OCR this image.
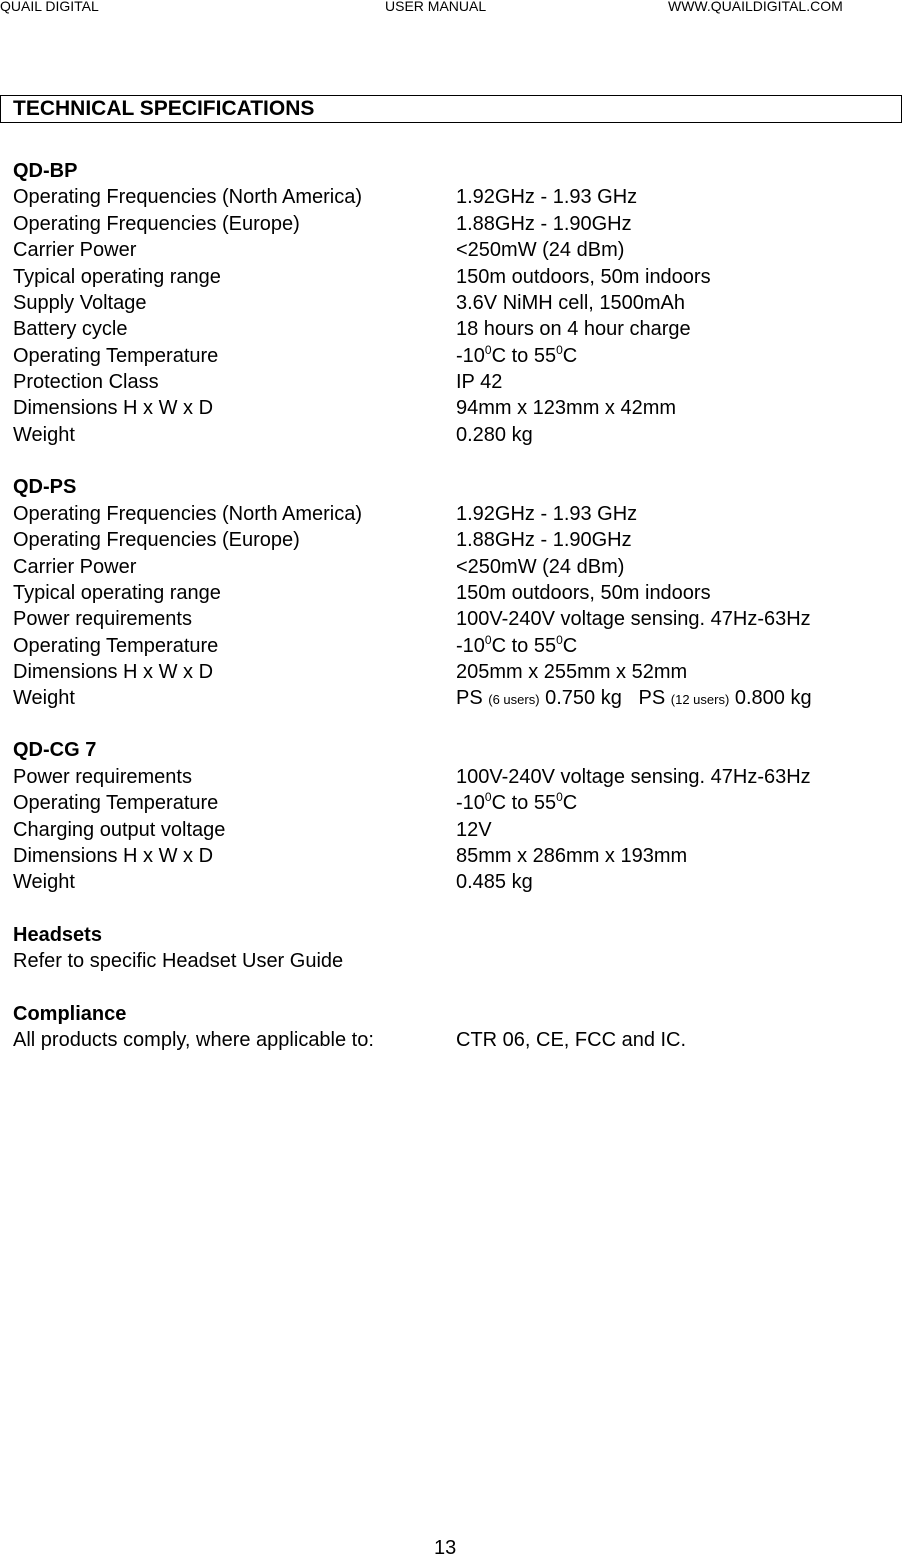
QUAIL DIGITAL	USER MANUAL	WWW.QUAILDIGITAL.COM
TECHNICAL SPECIFICATIONS
QD-BP
Operating Frequencies (North America)	1.92GHz - 1.93 GHz
Operating Frequencies (Europe)	1.88GHz - 1.90GHz
Carrier Power	<250mW (24 dBm)
Typical operating range	150m outdoors, 50m indoors
Supply Voltage	3.6V NiMH cell, 1500mAh
Battery cycle	18 hours on 4 hour charge
Operating Temperature	$-10^0C$ to $55^0C$
Protection Class	IP 42
Dimensions H x W x D	94mm x 123mm x 42mm
Weight	0.280 kg
QD-PS
Operating Frequencies (North America)	1.92GHz - 1.93 GHz
Operating Frequencies (Europe)	1.88GHz - 1.90GHz
Carrier Power	<250mW (24 dBm)
Typical operating range	150m outdoors, 50m indoors
Power requirements	100V-240V voltage sensing. 47Hz-63Hz
Operating Temperature	$-10^0C$ to $55^0C$
Dimensions H x W x D	205mm x 255mm x 52mm
Weight	PS (6 users) 0.750 kg PS (12 users) 0.800 kg
QD-CG 7
Power requirements	100V-240V voltage sensing. 47Hz-63Hz
Operating Temperature	$-10^0C$ to $55^0C$
Charging output voltage	12V
Dimensions H x W x D	85mm x 286mm x 193mm
Weight	0.485 kg
Headsets
Refer to specific Headset User Guide
Compliance
All products comply, where applicable to:	CTR 06, CE, FCC and IC.
13
